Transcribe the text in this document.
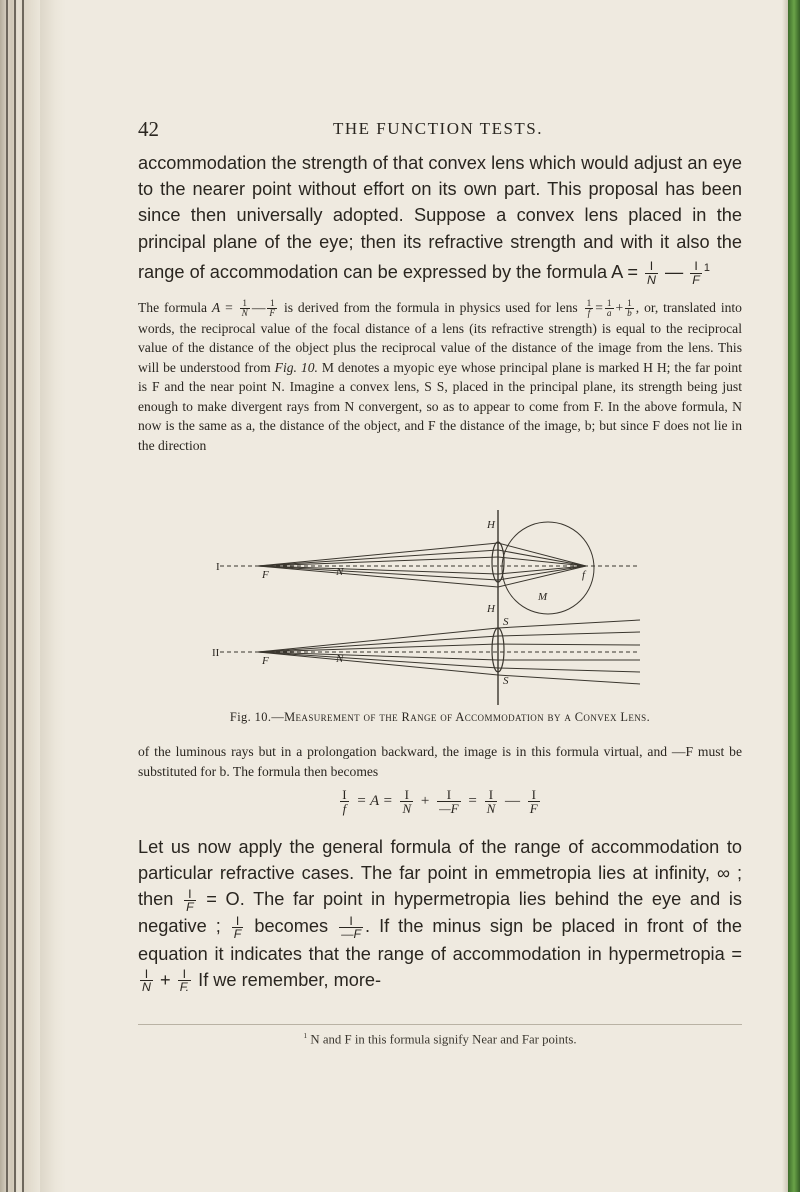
42	THE FUNCTION TESTS.

accommodation the strength of that convex lens which would adjust an eye to the nearer point without effort on its own part. This proposal has been since then universally adopted. Suppose a convex lens placed in the principal plane of the eye; then its refractive strength and with it also the range of accommodation can be expressed by the formula $A = \frac{I}{N}$ — $\frac{I}{F} ^1$

The formula $A = \frac{1}{N}$ — $\frac{1}{F}$ is derived from the formula in physics used for lens $\frac{1}{f} = \frac{1}{a} + \frac{1}{b}$ , or, translated into words, the reciprocal value of the focal distance of a lens (its refractive strength) is equal to the reciprocal value of the distance of the object plus the reciprocal value of the distance of the image from the lens. This will be understood from Fig. 10. M denotes a myopic eye whose principal plane is marked H H; the far point is F and the near point N. Imagine a convex lens, S S, placed in the principal plane, its strength being just enough to make divergent rays from N convergent, so as to appear to come from F. In the above formula, N now is the same as a, the distance of the object, and F the distance of the image, b; but since F does not lie in the direction

I
II
F	N
H
f
M
H
S
F	N
S
Fig. 10.—Measurement of the Range of Accommodation by a Convex Lens.

of the luminous rays but in a prolongation backward, the image is in this formula virtual, and —F must be substituted for b. The formula then becomes

$\frac{I}{f} = A = \frac{I}{N} + \frac{I}{—F} = \frac{I}{N}$ — $\frac{I}{F}$

Let us now apply the general formula of the range of accommodation to particular refractive cases. The far point in emmetropia lies at infinity, ∞ ; then $\frac{I}{F} = O$. The far point in hypermetropia lies behind the eye and is negative ; $\frac{I}{F}$ becomes $\frac{I}{—F}$ . If the minus sign be placed in front of the equation it indicates that the range of accommodation in hypermetropia =
$\frac{I}{N} + \frac{I}{F.}$ If we remember, more-

$^1$ N and F in this formula signify Near and Far points.
